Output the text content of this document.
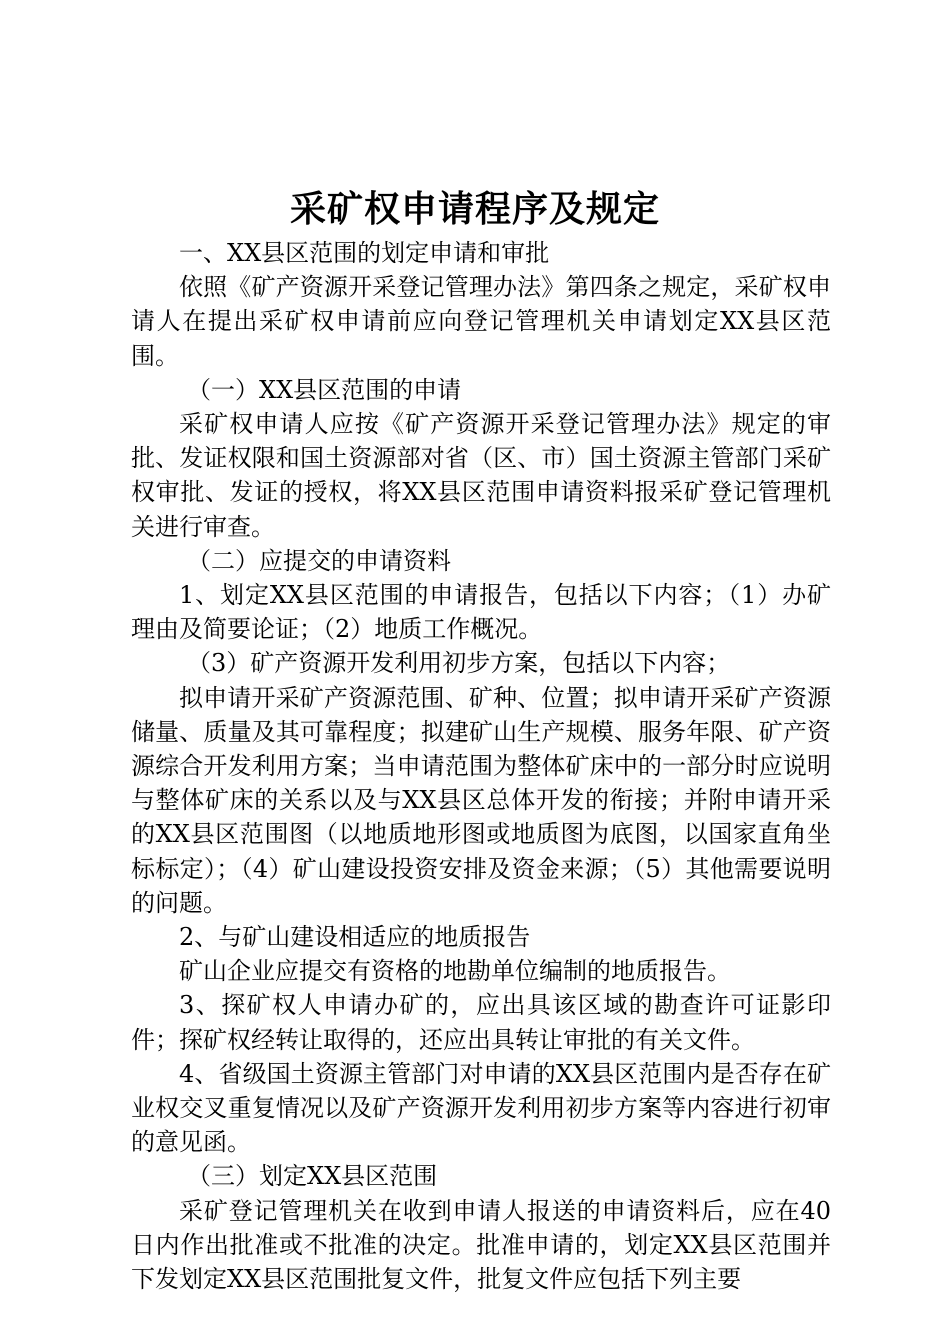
采矿权申请程序及规定

一、XX县区范围的划定申请和审批

依照《矿产资源开采登记管理办法》第四条之规定，采矿权申请人在提出采矿权申请前应向登记管理机关申请划定XX县区范围。

（一）XX县区范围的申请

采矿权申请人应按《矿产资源开采登记管理办法》规定的审批、发证权限和国土资源部对省（区、市）国土资源主管部门采矿权审批、发证的授权，将XX县区范围申请资料报采矿登记管理机关进行审查。

（二）应提交的申请资料

1、划定XX县区范围的申请报告，包括以下内容；（1）办矿理由及简要论证；（2）地质工作概况。

（3）矿产资源开发利用初步方案，包括以下内容；

拟申请开采矿产资源范围、矿种、位置；拟申请开采矿产资源储量、质量及其可靠程度；拟建矿山生产规模、服务年限、矿产资源综合开发利用方案；当申请范围为整体矿床中的一部分时应说明与整体矿床的关系以及与XX县区总体开发的衔接；并附申请开采的XX县区范围图（以地质地形图或地质图为底图，以国家直角坐标标定）；（4）矿山建设投资安排及资金来源；（5）其他需要说明的问题。

2、与矿山建设相适应的地质报告

矿山企业应提交有资格的地勘单位编制的地质报告。

3、探矿权人申请办矿的，应出具该区域的勘查许可证影印件；探矿权经转让取得的，还应出具转让审批的有关文件。

4、省级国土资源主管部门对申请的XX县区范围内是否存在矿业权交叉重复情况以及矿产资源开发利用初步方案等内容进行初审的意见函。

（三）划定XX县区范围

采矿登记管理机关在收到申请人报送的申请资料后，应在40日内作出批准或不批准的决定。批准申请的，划定XX县区范围并下发划定XX县区范围批复文件，批复文件应包括下列主要
